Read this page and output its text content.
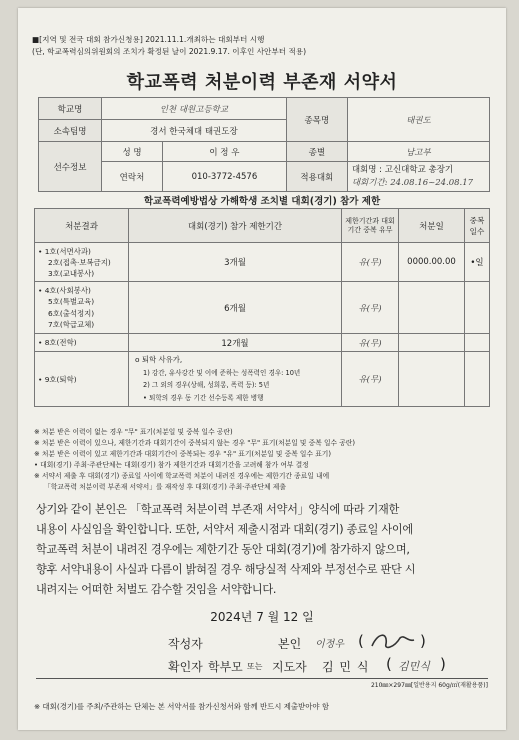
■[지역 및 전국 대회 참가신청용] 2021.11.1.개최하는 대회부터 시행
(단, 학교폭력심의위원회의 조치가 확정된 날이 2021.9.17. 이후인 사안부터 적용)
학교폭력 처분이력 부존재 서약서
학교명	인천 대원고등학교		종목명	태권도
소속팀명	경서 한국체대 태권도장			
선수정보	성 명	이 정 우	종별	남고부
	연락처	010-3772-4576	적용대회	대회명 : 고신대학교 총장기
대회기간: 24.08.16~24.08.17
학교폭력예방법상 가해학생 조치별 대회(경기) 참가 제한
처분결과	대회(경기) 참가 제한기간	제한기간과 대회기간 중복 유무	처분일	중복 일수

• 1호(서면사과)
2호(접촉·보복금지)
3호(교내봉사)	3개월	유(무)	0000.00.00	•일

• 4호(사회봉사)
5호(특별교육)
6호(출석정지)
7호(학급교체)	6개월	유(무)		
• 8호(전학)	12개월	유(무)		
• 9호(퇴학)	o 퇴학 사유가,
1) 강간, 유사강간 및 이에 준하는 성폭력인 경우: 10년
2) 그 외의 경우(상해, 성희롱, 폭력 등): 5년
• 퇴학의 경우 동 기간 선수등록 제한 병행	유(무)		
※ 처분 받은 이력이 없는 경우 "무" 표기(처분일 및 중복 일수 공란)
※ 처분 받은 이력이 있으나, 제한기간과 대회기간이 중복되지 않는 경우 "무" 표기(처분일 및 중복 일수 공란)
※ 처분 받은 이력이 있고 제한기간과 대회기간이 중복되는 경우 "유" 표기(처분일 및 중복 일수 표기)
• 대회(경기) 주최·주관단체는 대회(경기) 참가 제한기간과 대회기간을 고려해 참가 여부 결정
※ 서약서 제출 후 대회(경기) 종료일 사이에 학교폭력 처분이 내려진 경우에는 제한기간 종료일 내에
「학교폭력 처분이력 부존재 서약서」를 재작성 후 대회(경기) 주최·주관단체 제출
상기와 같이 본인은 「학교폭력 처분이력 부존재 서약서」양식에 따라 기재한
내용이 사실임을 확인합니다. 또한, 서약서 제출시점과 대회(경기) 종료일 사이에
학교폭력 처분이 내려진 경우에는 제한기간 동안 대회(경기)에 참가하지 않으며,
향후 서약내용이 사실과 다름이 밝혀질 경우 해당실적 삭제와 부정선수로 판단 시
내려지는 어떠한 처벌도 감수할 것임을 서약합니다.
2024년 7 월 12 일
작성자	본인 이정우 (	)
확인자 학부모 또는 지도자 김 민 식 ( 김민식 )
210㎜×297㎜[일반용지 60g/㎡(재활용품)]
※ 대회(경기)를 주최/주관하는 단체는 본 서약서를 참가신청서와 함께 반드시 제출받아야 함
